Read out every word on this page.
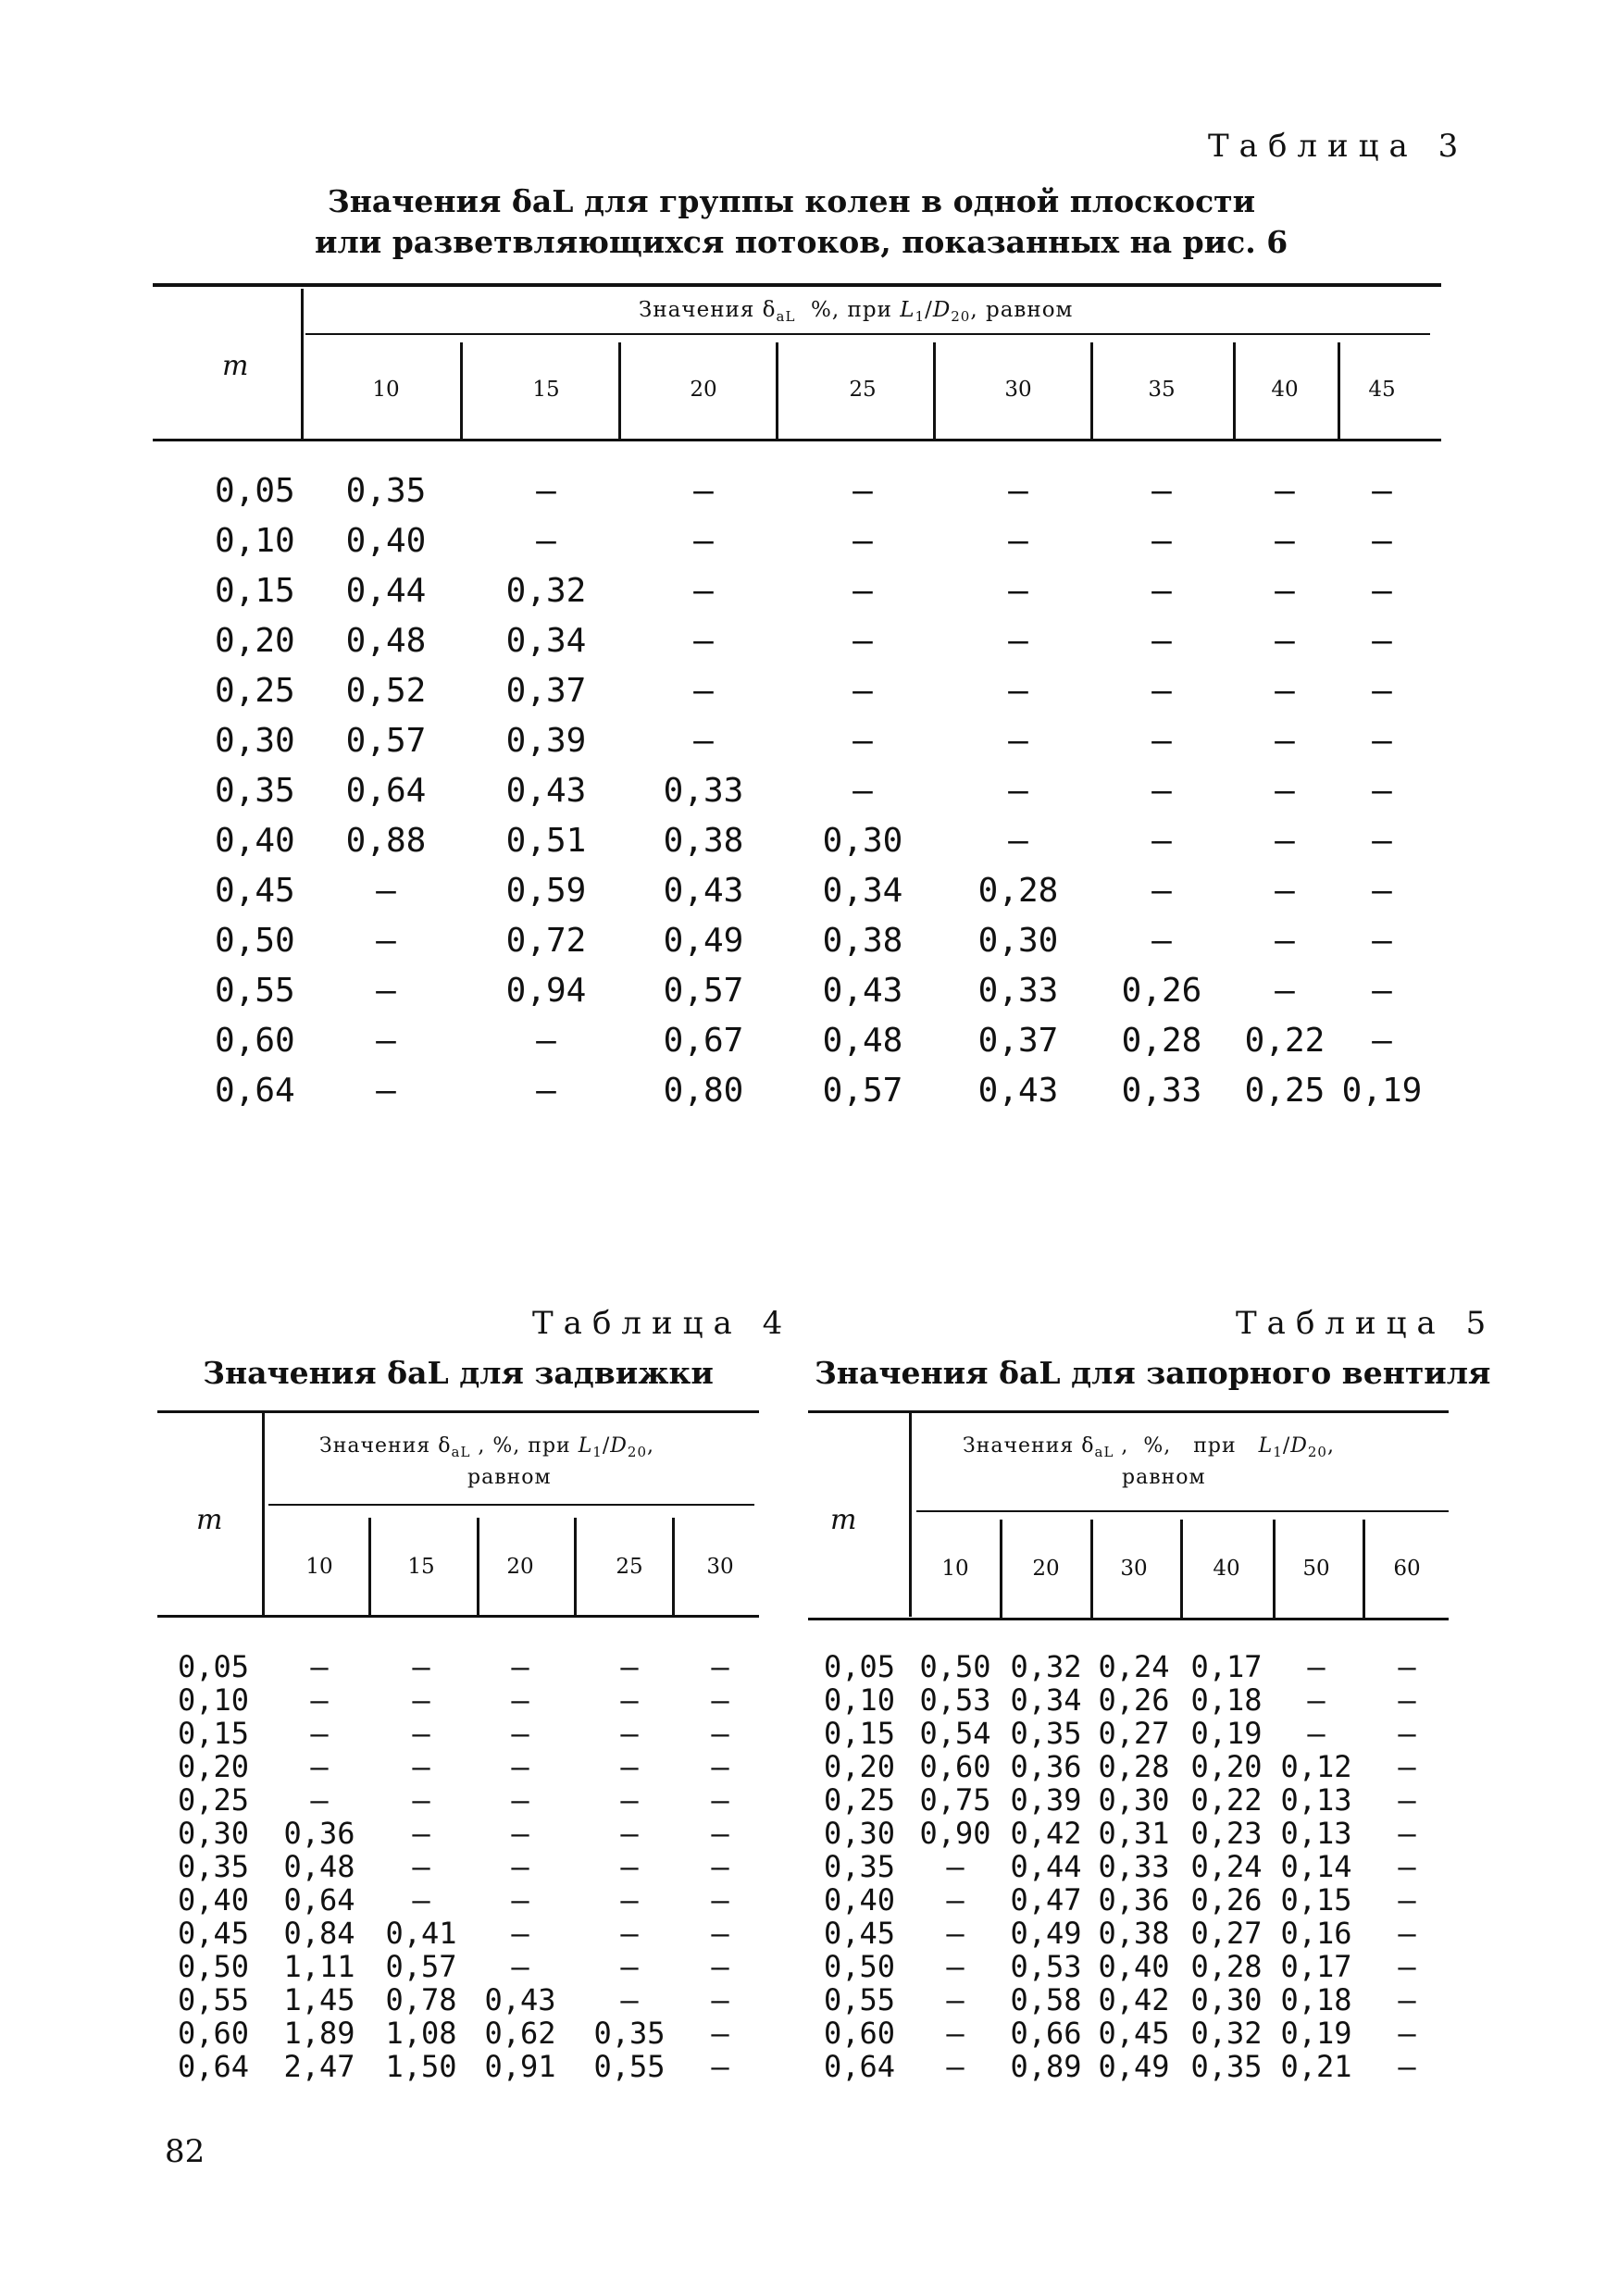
Таблица 3
Значения δaL для группы колен в одной плоскости
или разветвляющихся потоков, показанных на рис. 6
Значения $\delta_{aL}$  %, при $L_1/D_{20}$, равном
m
10	15	20	25	30	35	40	45
0,05 0,35	—	—	—	—	—	— —
0,10 0,40	—	—	—	—	—	— —
0,15 0,44 0,32	—	—	—	—	— —
0,20 0,48 0,34	—	—	—	—	— —
0,25 0,52 0,37	—	—	—	—	— —
0,30 0,57 0,39	—	—	—	—	— —
0,35 0,64 0,43 0,33	—	—	—	— —
0,40 0,88 0,51 0,38 0,30	—	—	— —
0,45 —	0,59 0,43 0,34 0,28	—	— —
0,50 —	0,72 0,49 0,38 0,30	—	— —
0,55 —	0,94 0,57 0,43 0,33 0,26 — —
0,60 —	—	0,67 0,48 0,37 0,28 0,22 —
0,64 —	—	0,80 0,57 0,43 0,33 0,25 0,19
Таблица 4
Значения δaL для задвижки
Значения $\delta_{aL}$ , %, при $L_1/D_{20}$,
равном
m
10	15	20	25	30
0,05 —	—	—	— —
0,10 —	—	—	— —
0,15 —	—	—	— —
0,20 —	—	—	— —
0,25 —	—	—	— —
0,30 0,36 —	—	— —
0,35 0,48 —	—	— —
0,40 0,64 —	—	— —
0,45 0,84 0,41 —	— —
0,50 1,11 0,57 —	— —
0,55 1,45 0,78 0,43 — —
0,60 1,89 1,08 0,62 0,35 —
0,64 2,47 1,50 0,91 0,55 —
Таблица 5
Значения δaL для запорного вентиля
Значения $\delta_{aL}$ ,  %,   при   $L_1/D_{20}$,
равном
m
10	20	30	40	50	60
0,05 0,50 0,32 0,24 0,17 — —
0,10 0,53 0,34 0,26 0,18 — —
0,15 0,54 0,35 0,27 0,19 — —
0,20 0,60 0,36 0,28 0,20 0,12 —
0,25 0,75 0,39 0,30 0,22 0,13 —
0,30 0,90 0,42 0,31 0,23 0,13 —
0,35 — 0,44 0,33 0,24 0,14 —
0,40 — 0,47 0,36 0,26 0,15 —
0,45 — 0,49 0,38 0,27 0,16 —
0,50 — 0,53 0,40 0,28 0,17 —
0,55 — 0,58 0,42 0,30 0,18 —
0,60 — 0,66 0,45 0,32 0,19 —
0,64 — 0,89 0,49 0,35 0,21 —
82
